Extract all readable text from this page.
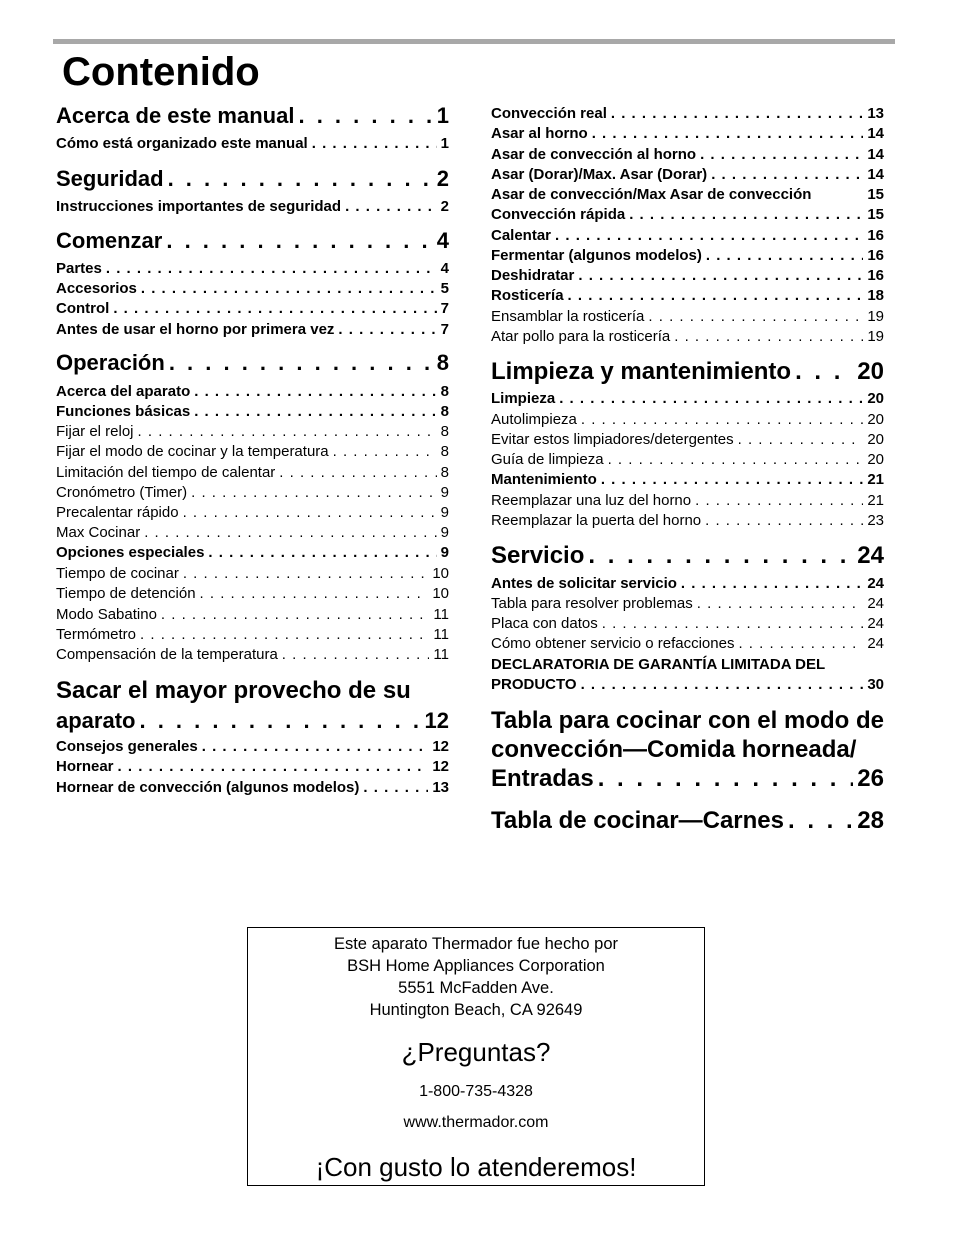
Contenido
Acerca de este manual . . .	1
Cómo está organizado este manual . . .	1
Seguridad . . .	2
Instrucciones importantes de seguridad . . .	2
Comenzar . . .	4
Partes . . .	4
Accesorios . . .	5
Control . . .	7
Antes de usar el horno por primera vez . . .	7
Operación . . .	8
Acerca del aparato . . .	8
Funciones básicas . . .	8
Fijar el reloj . . .	8
Fijar el modo de cocinar y la temperatura . . .	8
Limitación del tiempo de calentar . . .	8
Cronómetro (Timer) . . .	9
Precalentar rápido . . .	9
Max Cocinar . . .	9
Opciones especiales . . .	9
Tiempo de cocinar . . .	10
Tiempo de detención . . .	10
Modo Sabatino . . .	11
Termómetro . . .	11
Compensación de la temperatura . . .	11
Sacar el mayor provecho de su
aparato . . .	12
Consejos generales . . .	12
Hornear . . .	12
Hornear de convección (algunos modelos) . . .	13
Convección real . . .	13
Asar al horno . . .	14
Asar de convección al horno . . .	14
Asar (Dorar)/Max. Asar (Dorar) . . .	14
Asar de convección/Max Asar de convección	15
Convección rápida . . .	15
Calentar . . .	16
Fermentar (algunos modelos) . . .	16
Deshidratar . . .	16
Rosticería . . .	18
Ensamblar la rosticería . . .	19
Atar pollo para la rosticería . . .	19
Limpieza y mantenimiento . . .	20
Limpieza . . .	20
Autolimpieza . . .	20
Evitar estos limpiadores/detergentes . . .	20
Guía de limpieza . . .	20
Mantenimiento . . .	21
Reemplazar una luz del horno . . .	21
Reemplazar la puerta del horno . . .	23
Servicio . . .	24
Antes de solicitar servicio . . .	24
Tabla para resolver problemas . . .	24
Placa con datos . . .	24
Cómo obtener servicio o refacciones . . .	24
DECLARATORIA DE GARANTÍA LIMITADA DEL
PRODUCTO . . .	30
Tabla para cocinar con el modo de
convección—Comida horneada/
Entradas . . .	26
Tabla de cocinar—Carnes . . .	28
Este aparato Thermador fue hecho por
BSH Home Appliances Corporation
5551 McFadden Ave.
Huntington Beach, CA 92649
¿Preguntas?
1-800-735-4328
www.thermador.com
¡Con gusto lo atenderemos!
